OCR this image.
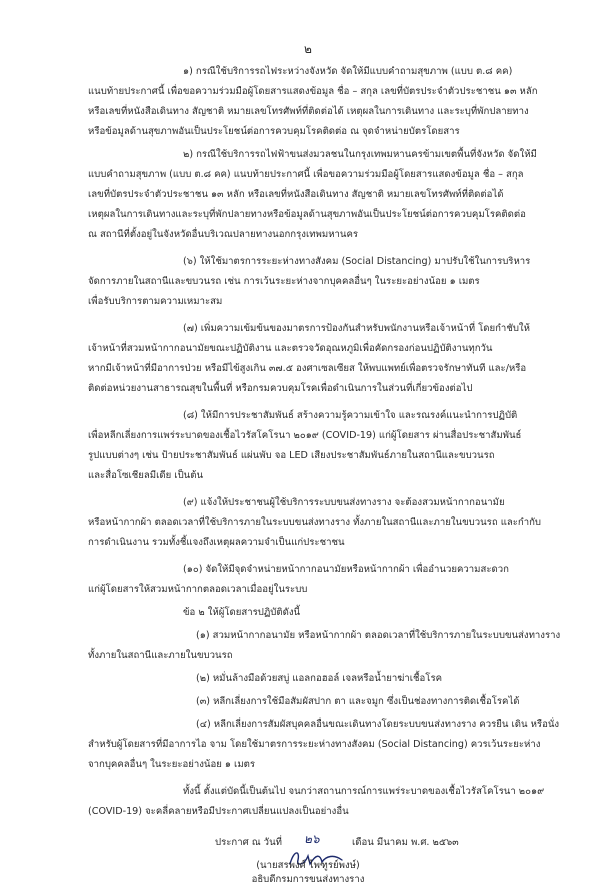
๒
๑) กรณีใช้บริการรถไฟระหว่างจังหวัด จัดให้มีแบบคำถามสุขภาพ (แบบ ต.๘ คค)
แนบท้ายประกาศนี้ เพื่อขอความร่วมมือผู้โดยสารแสดงข้อมูล ชื่อ – สกุล เลขที่บัตรประจำตัวประชาชน ๑๓ หลัก
หรือเลขที่หนังสือเดินทาง สัญชาติ หมายเลขโทรศัพท์ที่ติดต่อได้ เหตุผลในการเดินทาง และระบุที่พักปลายทาง
หรือข้อมูลด้านสุขภาพอันเป็นประโยชน์ต่อการควบคุมโรคติดต่อ ณ จุดจำหน่ายบัตรโดยสาร
๒) กรณีใช้บริการรถไฟฟ้าขนส่งมวลชนในกรุงเทพมหานครข้ามเขตพื้นที่จังหวัด จัดให้มี
แบบคำถามสุขภาพ (แบบ ต.๘ คค) แนบท้ายประกาศนี้ เพื่อขอความร่วมมือผู้โดยสารแสดงข้อมูล ชื่อ – สกุล
เลขที่บัตรประจำตัวประชาชน ๑๓ หลัก หรือเลขที่หนังสือเดินทาง สัญชาติ หมายเลขโทรศัพท์ที่ติดต่อได้
เหตุผลในการเดินทางและระบุที่พักปลายทางหรือข้อมูลด้านสุขภาพอันเป็นประโยชน์ต่อการควบคุมโรคติดต่อ
ณ สถานีที่ตั้งอยู่ในจังหวัดอื่นบริเวณปลายทางนอกกรุงเทพมหานคร
(๖) ให้ใช้มาตรการระยะห่างทางสังคม (Social Distancing) มาปรับใช้ในการบริหาร
จัดการภายในสถานีและขบวนรถ เช่น การเว้นระยะห่างจากบุคคลอื่นๆ ในระยะอย่างน้อย ๑ เมตร
เพื่อรับบริการตามความเหมาะสม
(๗) เพิ่มความเข้มข้นของมาตรการป้องกันสำหรับพนักงานหรือเจ้าหน้าที่ โดยกำชับให้
เจ้าหน้าที่สวมหน้ากากอนามัยขณะปฏิบัติงาน และตรวจวัดอุณหภูมิเพื่อคัดกรองก่อนปฏิบัติงานทุกวัน
หากมีเจ้าหน้าที่มีอาการป่วย หรือมีไข้สูงเกิน ๓๗.๕ องศาเซลเซียส ให้พบแพทย์เพื่อตรวจรักษาทันที และ/หรือ
ติดต่อหน่วยงานสาธารณสุขในพื้นที่ หรือกรมควบคุมโรคเพื่อดำเนินการในส่วนที่เกี่ยวข้องต่อไป
(๘) ให้มีการประชาสัมพันธ์ สร้างความรู้ความเข้าใจ และรณรงค์แนะนำการปฏิบัติ
เพื่อหลีกเลี่ยงการแพร่ระบาดของเชื้อไวรัสโคโรนา ๒๐๑๙ (COVID-19) แก่ผู้โดยสาร ผ่านสื่อประชาสัมพันธ์
รูปแบบต่างๆ เช่น ป้ายประชาสัมพันธ์ แผ่นพับ จอ LED เสียงประชาสัมพันธ์ภายในสถานีและขบวนรถ
และสื่อโซเชียลมีเดีย เป็นต้น
(๙) แจ้งให้ประชาชนผู้ใช้บริการระบบขนส่งทางราง จะต้องสวมหน้ากากอนามัย
หรือหน้ากากผ้า ตลอดเวลาที่ใช้บริการภายในระบบขนส่งทางราง ทั้งภายในสถานีและภายในขบวนรถ และกำกับ
การดำเนินงาน รวมทั้งชี้แจงถึงเหตุผลความจำเป็นแก่ประชาชน
(๑๐) จัดให้มีจุดจำหน่ายหน้ากากอนามัยหรือหน้ากากผ้า เพื่ออำนวยความสะดวก
แก่ผู้โดยสารให้สวมหน้ากากตลอดเวลาเมื่ออยู่ในระบบ
ข้อ ๒ ให้ผู้โดยสารปฏิบัติดังนี้
(๑) สวมหน้ากากอนามัย หรือหน้ากากผ้า ตลอดเวลาที่ใช้บริการภายในระบบขนส่งทางราง
ทั้งภายในสถานีและภายในขบวนรถ
(๒) หมั่นล้างมือด้วยสบู่ แอลกอฮอล์ เจลหรือน้ำยาฆ่าเชื้อโรค
(๓) หลีกเลี่ยงการใช้มือสัมผัสปาก ตา และจมูก ซึ่งเป็นช่องทางการติดเชื้อโรคได้
(๔) หลีกเลี่ยงการสัมผัสบุคคลอื่นขณะเดินทางโดยระบบขนส่งทางราง ควรยืน เดิน หรือนั่ง
สำหรับผู้โดยสารที่มีอาการไอ จาม โดยใช้มาตรการระยะห่างทางสังคม (Social Distancing) ควรเว้นระยะห่าง
จากบุคคลอื่นๆ ในระยะอย่างน้อย ๑ เมตร
ทั้งนี้ ตั้งแต่บัดนี้เป็นต้นไป จนกว่าสถานการณ์การแพร่ระบาดของเชื้อไวรัสโคโรนา ๒๐๑๙
(COVID-19) จะคลี่คลายหรือมีประกาศเปลี่ยนแปลงเป็นอย่างอื่น
ประกาศ ณ วันที่ ๒๖	เดือน มีนาคม พ.ศ. ๒๕๖๓
(นายสรพงศ์ ไพฑูรย์พงษ์)
อธิบดีกรมการขนส่งทางราง
